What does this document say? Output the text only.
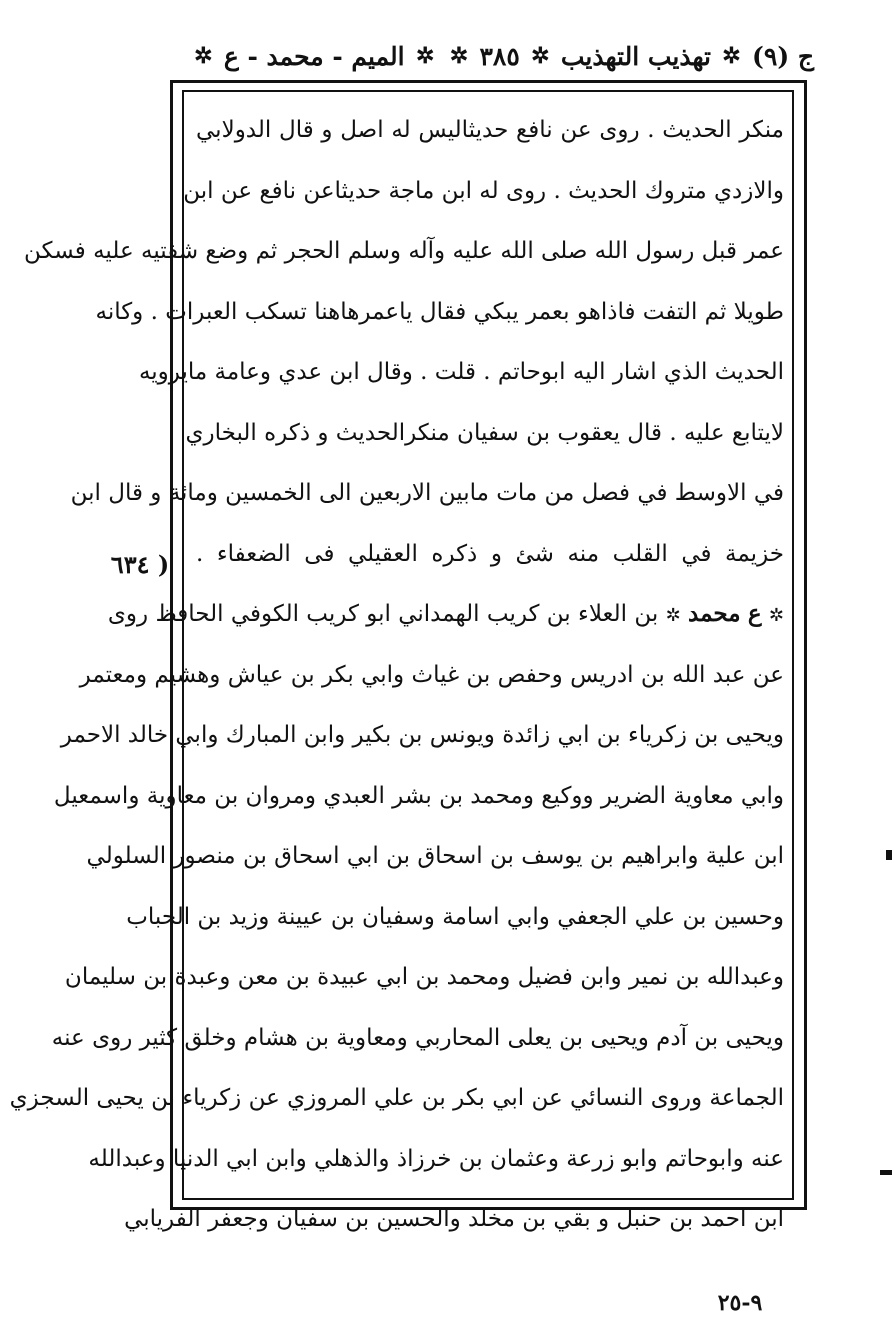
ج (٩)
✲
تهذيب التهذيب
✲
٣٨٥
✲
✲
الميم - محمد - ع
✲
( ٦٣٤
منكر الحديث . روى عن نافع حديثاليس له اصل و قال الدولابي
والازدي متروك الحديث . روى له ابن ماجة حديثاعن نافع عن ابن
عمر قبل رسول الله صلى الله عليه وآله وسلم الحجر ثم وضع شفتيه عليه فسكن
طويلا ثم التفت فاذاهو بعمر يبكي فقال ياعمرهاهنا تسكب العبرات . وكانه
الحديث الذي اشار اليه ابوحاتم . قلت . وقال ابن عدي وعامة مايرويه
لايتابع عليه . قال يعقوب بن سفيان منكرالحديث و ذكره البخاري
في الاوسط في فصل من مات مابين الاربعين الى الخمسين ومائة و قال ابن
خزيمة في القلب منه شئ و ذكره العقيلي فى الضعفاء .
✲ ع محمد ✲ بن العلاء بن كريب الهمداني ابو كريب الكوفي الحافظ روى
عن عبد الله بن ادريس وحفص بن غياث وابي بكر بن عياش وهشيم ومعتمر
ويحيى بن زكرياء بن ابي زائدة ويونس بن بكير وابن المبارك وابي خالد الاحمر
وابي معاوية الضرير ووكيع ومحمد بن بشر العبدي ومروان بن معاوية واسمعيل
ابن علية وابراهيم بن يوسف بن اسحاق بن ابي اسحاق بن منصور السلولي
وحسين بن علي الجعفي وابي اسامة وسفيان بن عيينة وزيد بن الحباب
وعبدالله بن نمير وابن فضيل ومحمد بن ابي عبيدة بن معن وعبدة بن سليمان
ويحيى بن آدم ويحيى بن يعلى المحاربي ومعاوية بن هشام وخلق كثير روى عنه
الجماعة وروى النسائي عن ابي بكر بن علي المروزي عن زكرياء بن يحيى السجزي
عنه وابوحاتم وابو زرعة وعثمان بن خرزاذ والذهلي وابن ابي الدنيا وعبدالله
ابن احمد بن حنبل و بقي بن مخلد والحسين بن سفيان وجعفر الفريابي
٩-٢٥
